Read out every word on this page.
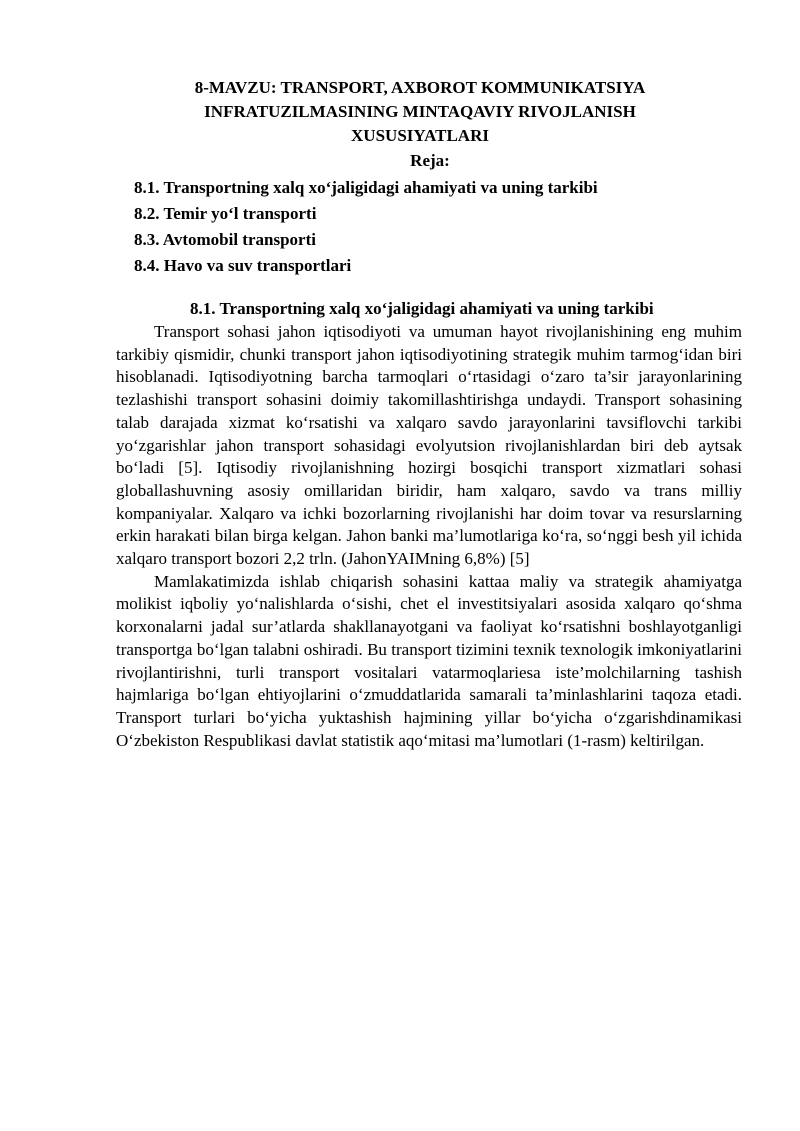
8-MAVZU: TRANSPORT, AXBOROT KOMMUNIKATSIYA
INFRATUZILMASINING MINTAQAVIY RIVOJLANISH
XUSUSIYATLARI
Reja:
8.1. Transportning xalq xo‘jaligidagi ahamiyati va uning tarkibi
8.2. Temir yo‘l transporti
8.3. Avtomobil transporti
8.4. Havo va suv transportlari
8.1. Transportning xalq xo‘jaligidagi ahamiyati va uning tarkibi

Transport sohasi jahon iqtisodiyoti va umuman hayot rivojlanishining eng muhim tarkibiy qismidir, chunki transport jahon iqtisodiyotining strategik muhim tarmog‘idan biri hisoblanadi. Iqtisodiyotning barcha tarmoqlari o‘rtasidagi o‘zaro ta’sir jarayonlarining tezlashishi transport sohasini doimiy takomillashtirishga undaydi. Transport sohasining talab darajada xizmat ko‘rsatishi va xalqaro savdo jarayonlarini tavsiflovchi tarkibi yo‘zgarishlar jahon transport sohasidagi evolyutsion rivojlanishlardan biri deb aytsak bo‘ladi [5]. Iqtisodiy rivojlanishning hozirgi bosqichi transport xizmatlari sohasi globallashuvning asosiy omillaridan biridir, ham xalqaro, savdo va trans milliy kompaniyalar. Xalqaro va ichki bozorlarning rivojlanishi har doim tovar va resurslarning erkin harakati bilan birga kelgan. Jahon banki ma’lumotlariga ko‘ra, so‘nggi besh yil ichida xalqaro transport bozori 2,2 trln. (JahonYAIMning 6,8%) [5]

Mamlakatimizda ishlab chiqarish sohasini kattaa maliy va strategik ahamiyatga molikist iqboliy yo‘nalishlarda o‘sishi, chet el investitsiyalari asosida xalqaro qo‘shma korxonalarni jadal sur’atlarda shakllanayotgani va faoliyat ko‘rsatishni boshlayotganligi transportga bo‘lgan talabni oshiradi. Bu transport tizimini texnik texnologik imkoniyatlarini rivojlantirishni, turli transport vositalari vatarmoqlariesa iste’molchilarning tashish hajmlariga bo‘lgan ehtiyojlarini o‘zmuddatlarida samarali ta’minlashlarini taqoza etadi. Transport turlari bo‘yicha yuktashish hajmining yillar bo‘yicha o‘zgarishdinamikasi O‘zbekiston Respublikasi davlat statistik aqo‘mitasi ma’lumotlari (1-rasm) keltirilgan.
